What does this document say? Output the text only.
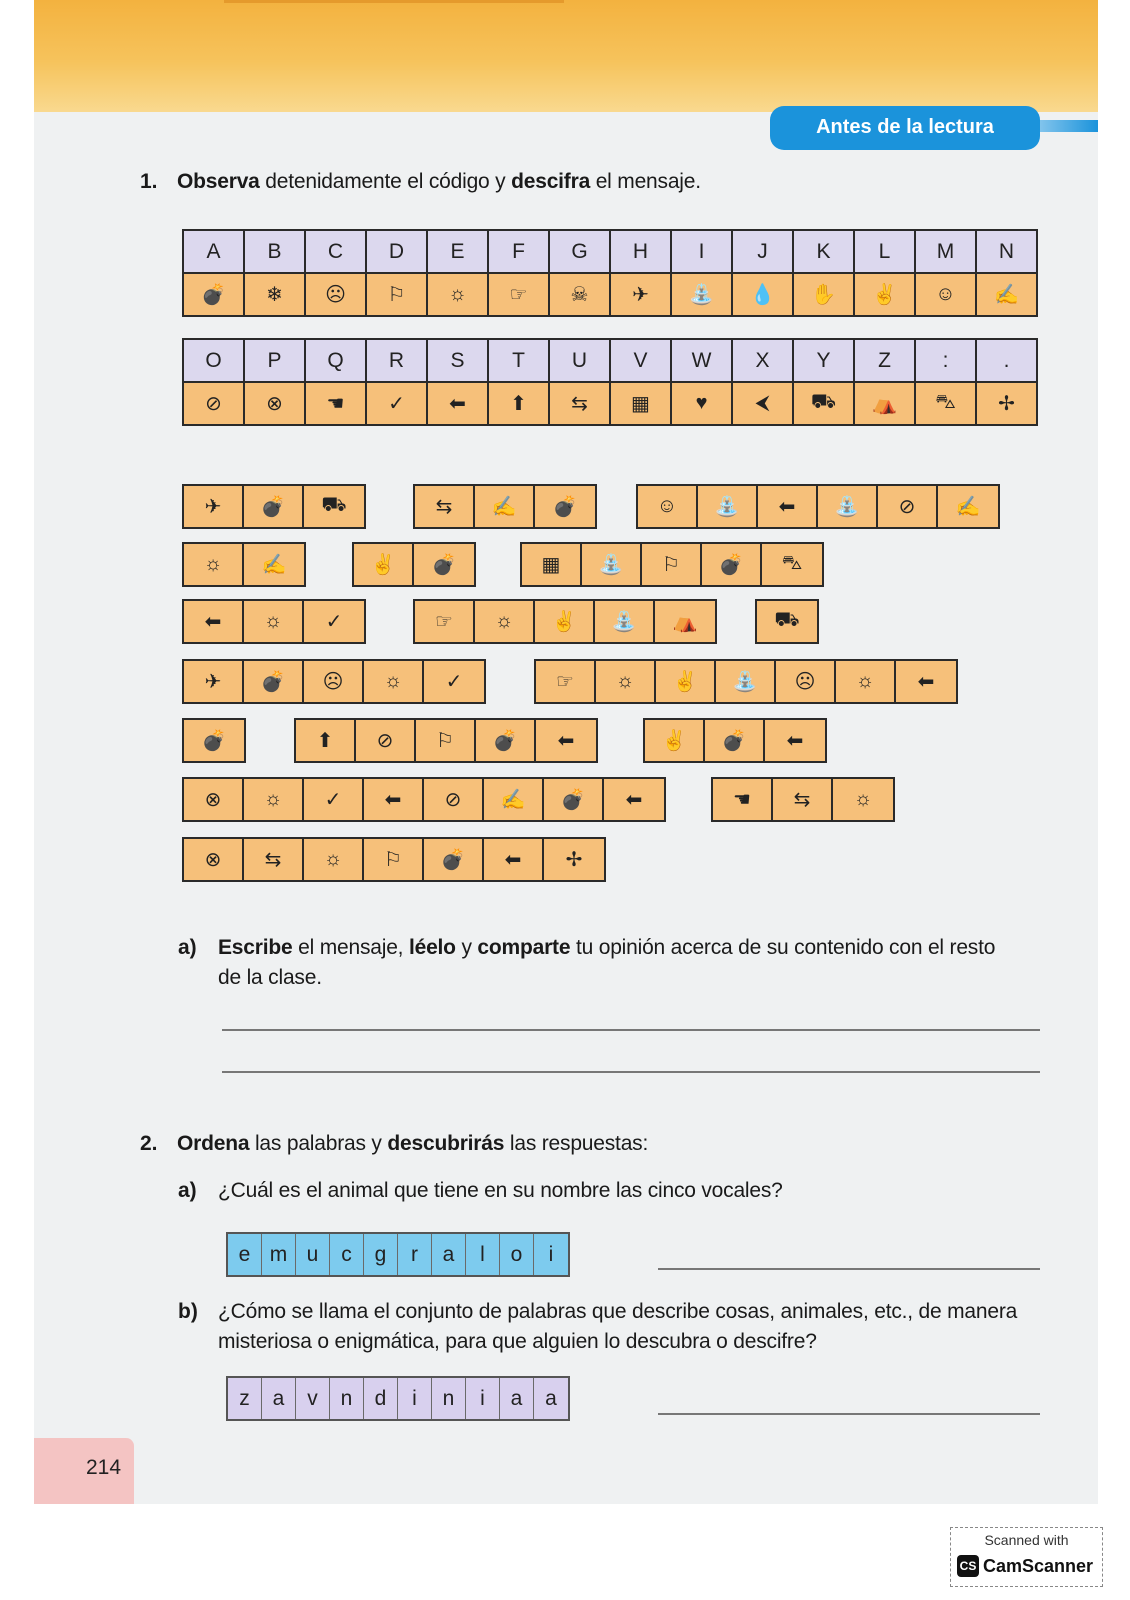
Antes de la lectura
1. Observa detenidamente el código y descifra el mensaje.
A	B	C	D	E	F	G	H	I	J	K	L	M	N
💣	❄	☹	⚐	☼	☞	☠	✈	⛲	💧	✋	✌	☺	✍
O	P	Q	R	S	T	U	V	W	X	Y	Z	:	.
⊘	⊗	☚	✓	⬅	⬆	⇆	▦	♥	⮜	⛟	⛺	⛍	✢
✈	💣	⛟	⇆	✍	💣	☺	⛲	⬅	⛲	⊘	✍
☼	✍	✌	💣	▦	⛲	⚐	💣	⛍
⬅	☼	✓	☞	☼	✌	⛲	⛺	⛟
✈	💣	☹	☼	✓	☞	☼	✌	⛲	☹	☼	⬅
💣	⬆	⊘	⚐	💣	⬅	✌	💣	⬅
⊗	☼	✓	⬅	⊘	✍	💣	⬅	☚	⇆	☼
⊗	⇆	☼	⚐	💣	⬅	✢
a) Escribe el mensaje, léelo y comparte tu opinión acerca de su contenido con el resto
de la clase.
2. Ordena las palabras y descubrirás las respuestas:
a) ¿Cuál es el animal que tiene en su nombre las cinco vocales?
e m u	c	g	r	a	l	o	i
b) ¿Cómo se llama el conjunto de palabras que describe cosas, animales, etc., de manera
misteriosa o enigmática, para que alguien lo descubra o descifre?
z	a	v	n	d	i	n	i	a	a
214
Scanned with
CS CamScanner
